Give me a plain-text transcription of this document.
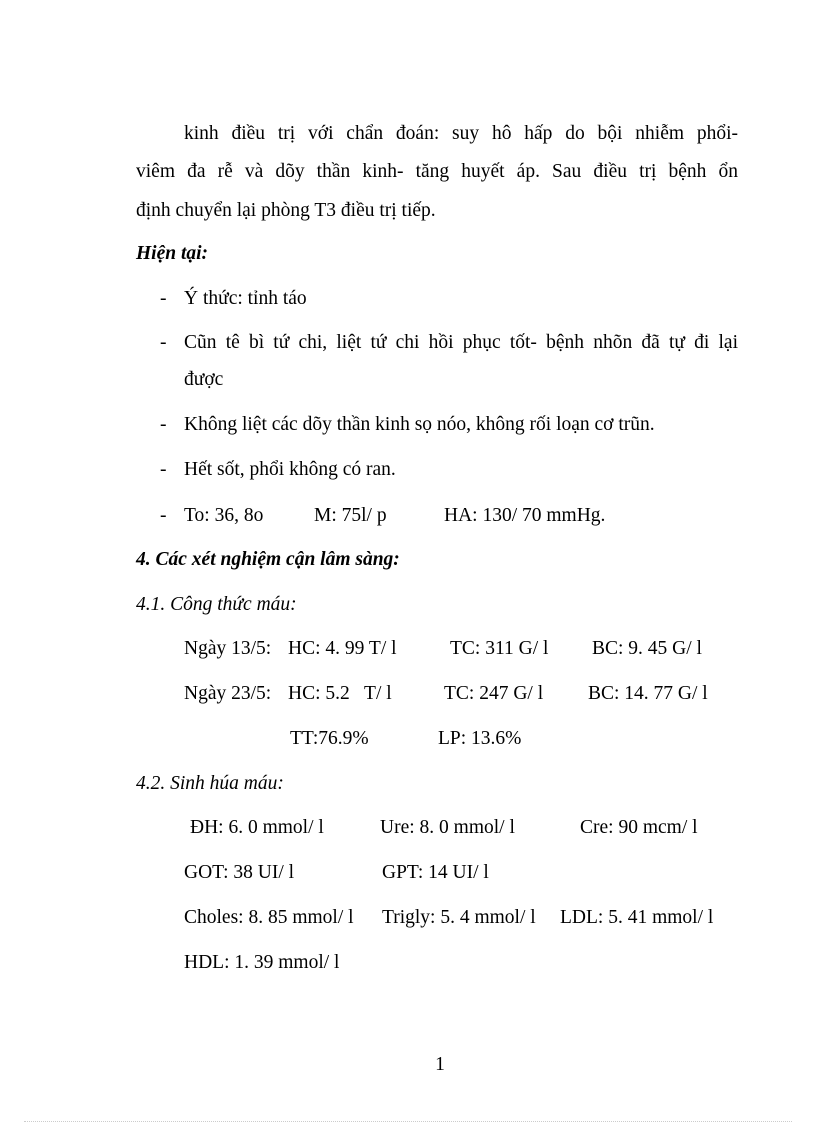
kinh điều trị với chẩn đoán: suy hô hấp do bội nhiễm phổi-
viêm đa rễ và dõy thần kinh- tăng huyết áp. Sau điều trị bệnh ổn
định chuyển lại phòng T3 điều trị tiếp.
Hiện tại:
- Ý thức: tỉnh táo
- Cũn tê bì tứ chi, liệt tứ chi hồi phục tốt- bệnh nhõn đã tự đi lại
được
- Không liệt các dõy thần kinh sọ nóo, không rối loạn cơ trũn.
- Hết sốt, phổi không có ran.
- To: 36, 8o	M: 75l/ p	HA: 130/ 70 mmHg.
4. Các xét nghiệm cận lâm sàng:
4.1. Công thức máu:
Ngày 13/5: HC: 4. 99 T/ l	TC: 311 G/ l BC: 9. 45 G/ l
Ngày 23/5: HC: 5.2   T/ l	TC: 247 G/ l BC: 14. 77 G/ l
TT:76.9%	LP: 13.6%
4.2. Sinh húa máu:
ĐH: 6. 0 mmol/ l	Ure: 8. 0 mmol/ l	Cre: 90 mcm/ l
GOT: 38 UI/ l	GPT: 14 UI/ l
Choles: 8. 85 mmol/ l Trigly: 5. 4 mmol/ l LDL: 5. 41 mmol/ l
HDL: 1. 39 mmol/ l
1
